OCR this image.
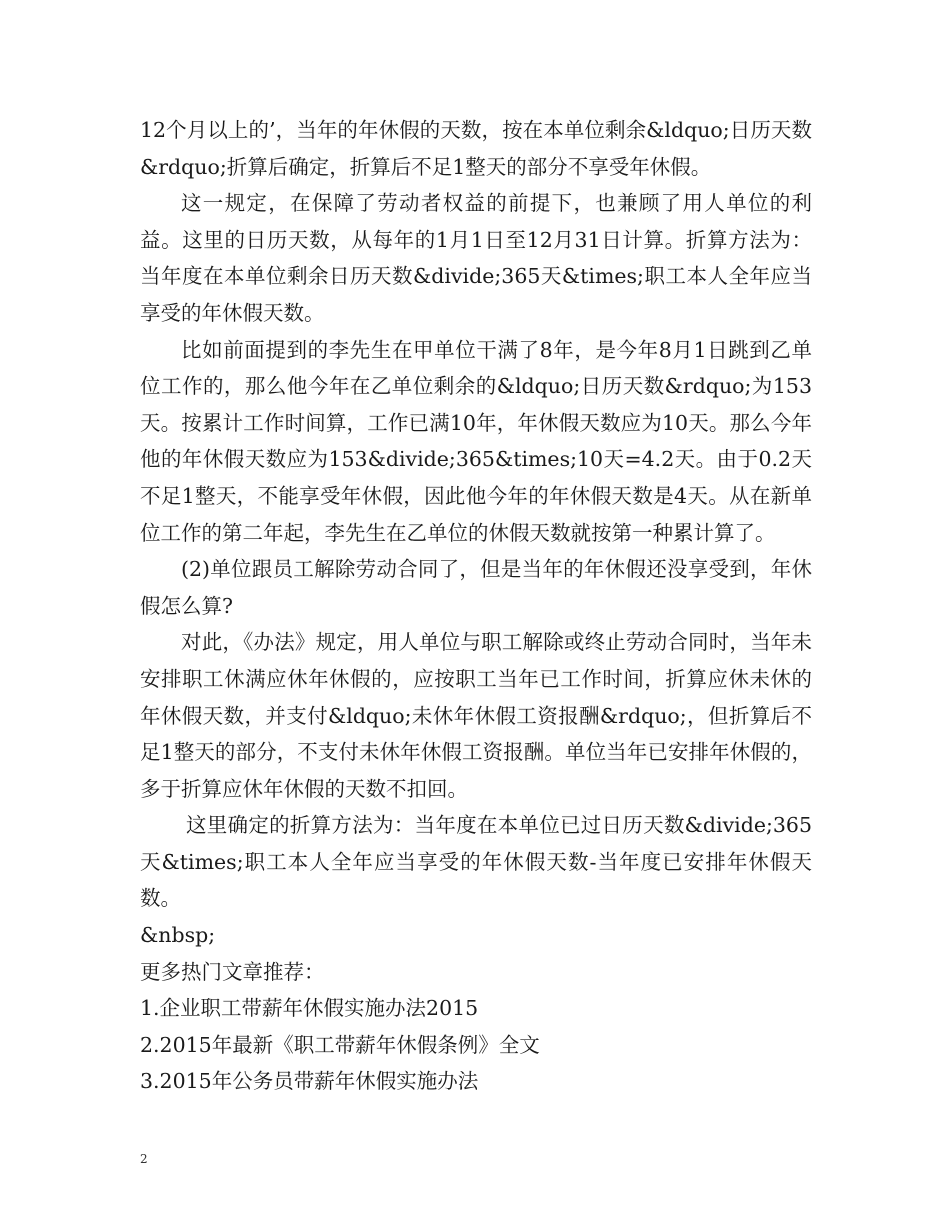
12个月以上的’，当年的年休假的天数，按在本单位剩余&ldquo;日历天数&rdquo;折算后确定，折算后不足1整天的部分不享受年休假。

这一规定，在保障了劳动者权益的前提下，也兼顾了用人单位的利益。这里的日历天数，从每年的1月1日至12月31日计算。折算方法为：当年度在本单位剩余日历天数&divide;365天&times;职工本人全年应当享受的年休假天数。

比如前面提到的李先生在甲单位干满了8年，是今年8月1日跳到乙单位工作的，那么他今年在乙单位剩余的&ldquo;日历天数&rdquo;为153天。按累计工作时间算，工作已满10年，年休假天数应为10天。那么今年他的年休假天数应为153&divide;365&times;10天=4.2天。由于0.2天不足1整天，不能享受年休假，因此他今年的年休假天数是4天。从在新单位工作的第二年起，李先生在乙单位的休假天数就按第一种累计算了。

(2)单位跟员工解除劳动合同了，但是当年的年休假还没享受到，年休假怎么算?

对此，《办法》规定，用人单位与职工解除或终止劳动合同时，当年未安排职工休满应休年休假的，应按职工当年已工作时间，折算应休未休的年休假天数，并支付&ldquo;未休年休假工资报酬&rdquo;，但折算后不足1整天的部分，不支付未休年休假工资报酬。单位当年已安排年休假的，多于折算应休年休假的天数不扣回。

这里确定的折算方法为：当年度在本单位已过日历天数&divide;365天&times;职工本人全年应当享受的年休假天数-当年度已安排年休假天数。

&nbsp;

更多热门文章推荐：

1.企业职工带薪年休假实施办法2015

2.2015年最新《职工带薪年休假条例》全文

3.2015年公务员带薪年休假实施办法

2
